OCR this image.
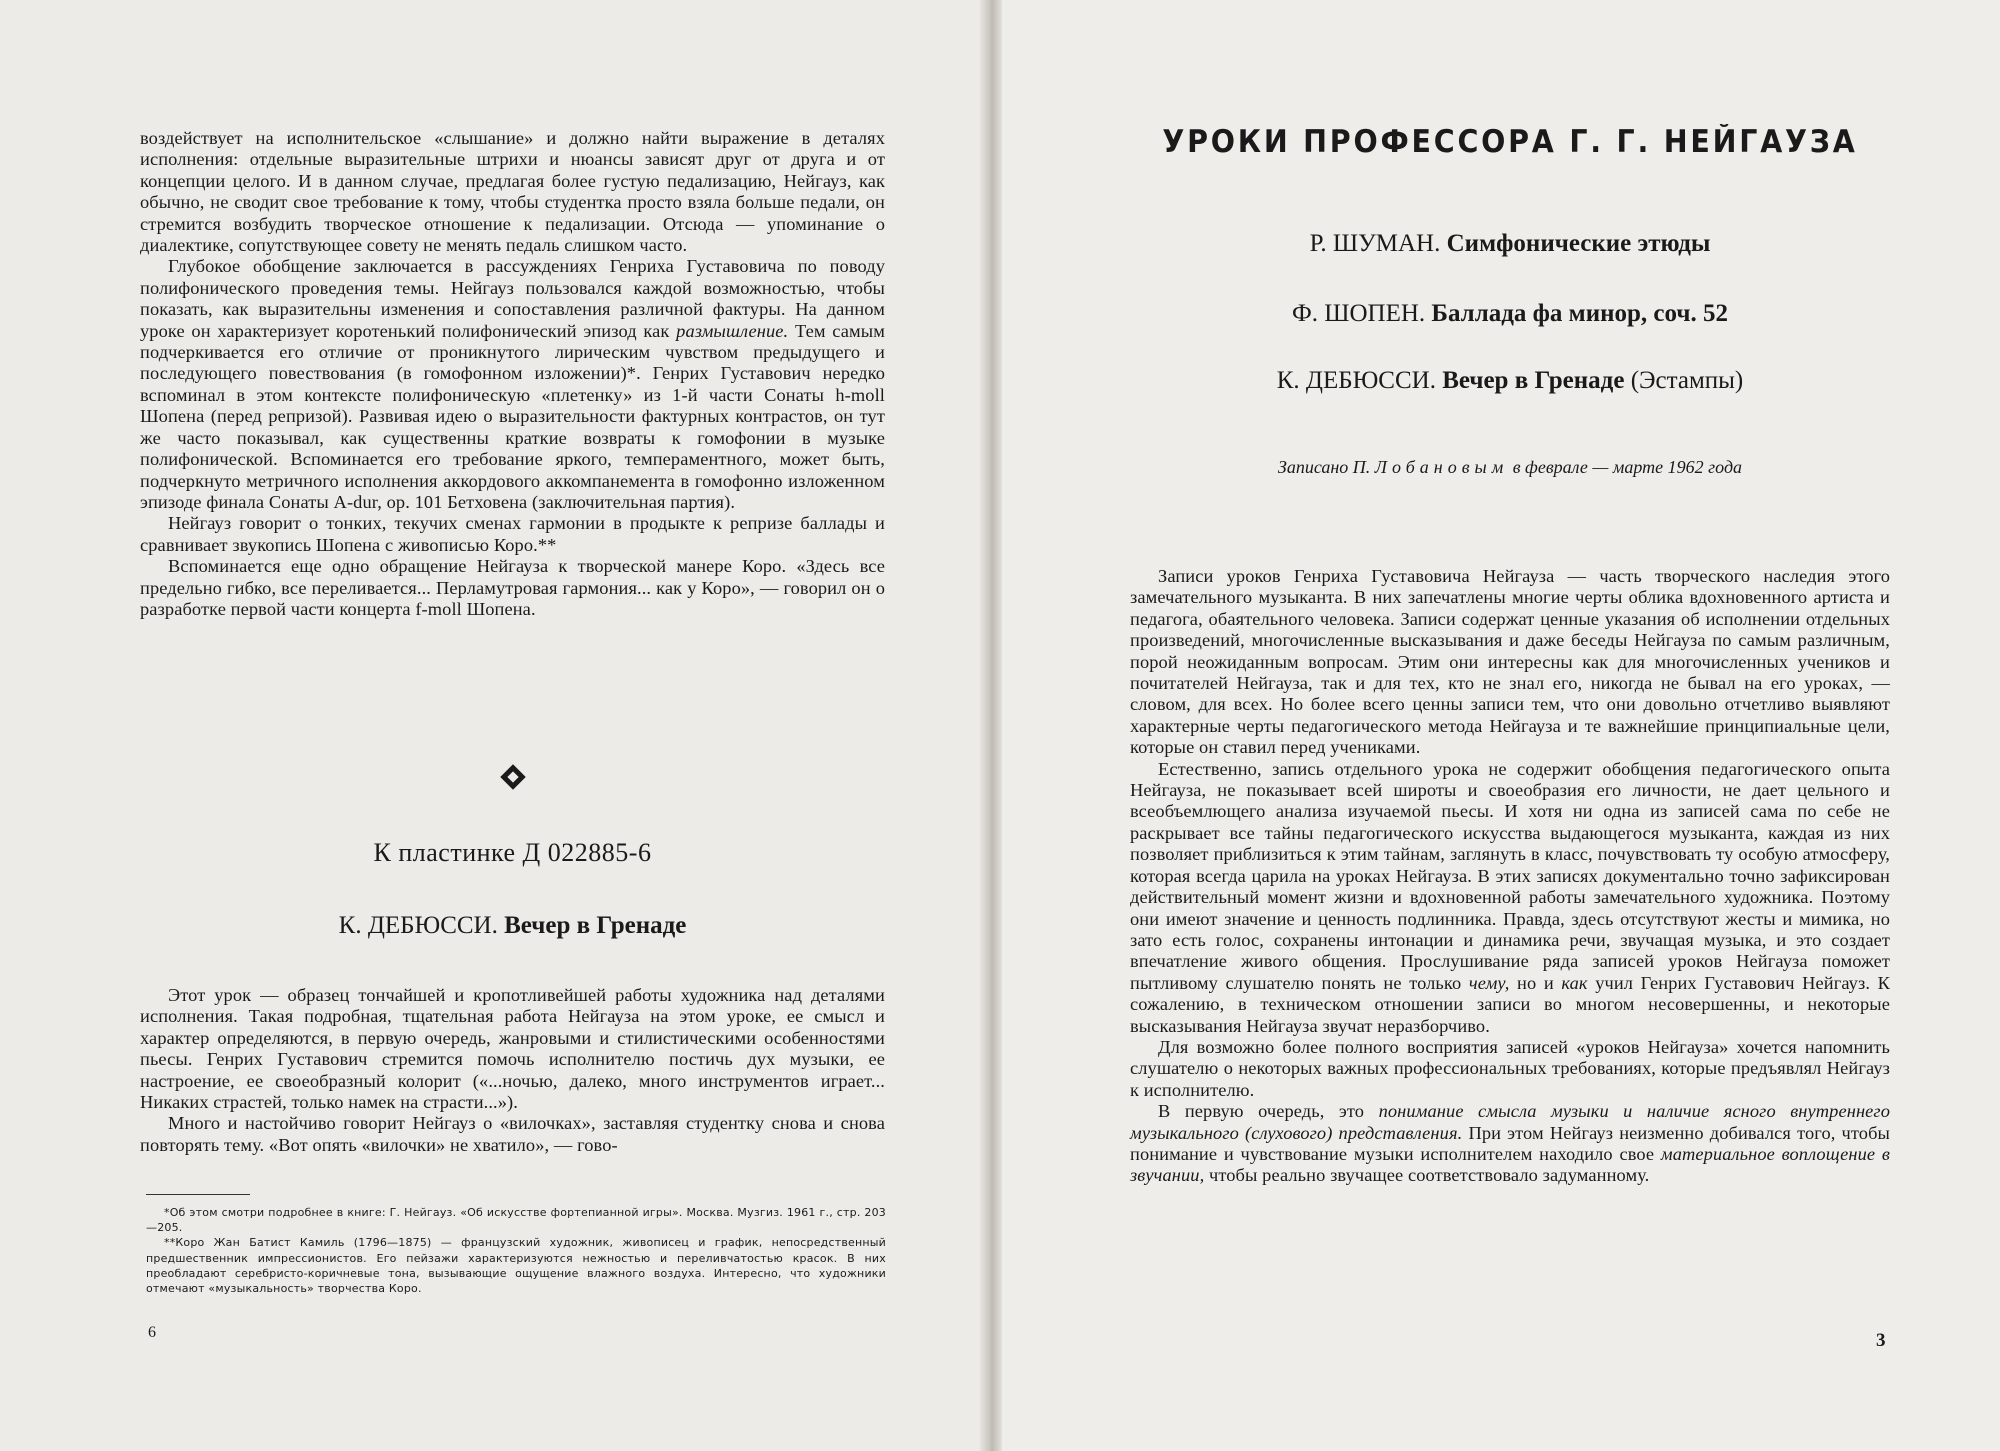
воздействует на исполнительское «слышание» и должно найти выражение в деталях исполнения: отдельные выразительные штрихи и нюансы зависят друг от друга и от концепции целого. И в данном случае, предлагая более густую педализацию, Нейгауз, как обычно, не сводит свое требование к тому, чтобы студентка просто взяла больше педали, он стремится возбудить творческое отношение к педализации. Отсюда — упоминание о диалектике, сопутствующее совету не менять педаль слишком часто.

Глубокое обобщение заключается в рассуждениях Генриха Густавовича по поводу полифонического проведения темы. Нейгауз пользовался каждой возможностью, чтобы показать, как выразительны изменения и сопоставления различной фактуры. На данном уроке он характеризует коротенький полифонический эпизод как размышление. Тем самым подчеркивается его отличие от проникнутого лирическим чувством предыдущего и последующего повествования (в гомофонном изложении)*. Генрих Густавович нередко вспоминал в этом контексте полифоническую «плетенку» из 1-й части Сонаты h-moll Шопена (перед репризой). Развивая идею о выразительности фактурных контрастов, он тут же часто показывал, как существенны краткие возвраты к гомофонии в музыке полифонической. Вспоминается его требование яркого, темпераментного, может быть, подчеркнуто метричного исполнения аккордового аккомпанемента в гомофонно изложенном эпизоде финала Сонаты A-dur, op. 101 Бетховена (заключительная партия).

Нейгауз говорит о тонких, текучих сменах гармонии в продыкте к репризе баллады и сравнивает звукопись Шопена с живописью Коро.**

Вспоминается еще одно обращение Нейгауза к творческой манере Коро. «Здесь все предельно гибко, все переливается... Перламутровая гармония... как у Коро», — говорил он о разработке первой части концерта f-moll Шопена.

К пластинке Д 022885-6
К. ДЕБЮССИ. Вечер в Гренаде

Этот урок — образец тончайшей и кропотливейшей работы художника над деталями исполнения. Такая подробная, тщательная работа Нейгауза на этом уроке, ее смысл и характер определяются, в первую очередь, жанровыми и стилистическими особенностями пьесы. Генрих Густавович стремится помочь исполнителю постичь дух музыки, ее настроение, ее своеобразный колорит («...ночью, далеко, много инструментов играет... Никаких страстей, только намек на страсти...»).

Много и настойчиво говорит Нейгауз о «вилочках», заставляя студентку снова и снова повторять тему. «Вот опять «вилочки» не хватило», — гово-

*Об этом смотри подробнее в книге: Г. Нейгауз. «Об искусстве фортепианной игры». Москва. Музгиз. 1961 г., стр. 203—205.

**Коро Жан Батист Камиль (1796—1875) — французский художник, живописец и график, непосредственный предшественник импрессионистов. Его пейзажи характеризуются нежностью и переливчатостью красок. В них преобладают серебристо-коричневые тона, вызывающие ощущение влажного воздуха. Интересно, что художники отмечают «музыкальность» творчества Коро.

6
УРОКИ ПРОФЕССОРА Г. Г. НЕЙГАУЗА
Р. ШУМАН. Симфонические этюды
Ф. ШОПЕН. Баллада фа минор, соч. 52
К. ДЕБЮССИ. Вечер в Гренаде (Эстампы)
Записано П. Лобановым в феврале — марте 1962 года

Записи уроков Генриха Густавовича Нейгауза — часть творческого наследия этого замечательного музыканта. В них запечатлены многие черты облика вдохновенного артиста и педагога, обаятельного человека. Записи содержат ценные указания об исполнении отдельных произведений, многочисленные высказывания и даже беседы Нейгауза по самым различным, порой неожиданным вопросам. Этим они интересны как для многочисленных учеников и почитателей Нейгауза, так и для тех, кто не знал его, никогда не бывал на его уроках, — словом, для всех. Но более всего ценны записи тем, что они довольно отчетливо выявляют характерные черты педагогического метода Нейгауза и те важнейшие принципиальные цели, которые он ставил перед учениками.

Естественно, запись отдельного урока не содержит обобщения педагогического опыта Нейгауза, не показывает всей широты и своеобразия его личности, не дает цельного и всеобъемлющего анализа изучаемой пьесы. И хотя ни одна из записей сама по себе не раскрывает все тайны педагогического искусства выдающегося музыканта, каждая из них позволяет приблизиться к этим тайнам, заглянуть в класс, почувствовать ту особую атмосферу, которая всегда царила на уроках Нейгауза. В этих записях документально точно зафиксирован действительный момент жизни и вдохновенной работы замечательного художника. Поэтому они имеют значение и ценность подлинника. Правда, здесь отсутствуют жесты и мимика, но зато есть голос, сохранены интонации и динамика речи, звучащая музыка, и это создает впечатление живого общения. Прослушивание ряда записей уроков Нейгауза поможет пытливому слушателю понять не только чему, но и как учил Генрих Густавович Нейгауз. К сожалению, в техническом отношении записи во многом несовершенны, и некоторые высказывания Нейгауза звучат неразборчиво.

Для возможно более полного восприятия записей «уроков Нейгауза» хочется напомнить слушателю о некоторых важных профессиональных требованиях, которые предъявлял Нейгауз к исполнителю.

В первую очередь, это понимание смысла музыки и наличие ясного внутреннего музыкального (слухового) представления. При этом Нейгауз неизменно добивался того, чтобы понимание и чувствование музыки исполнителем находило свое материальное воплощение в звучании, чтобы реально звучащее соответствовало задуманному.

3
